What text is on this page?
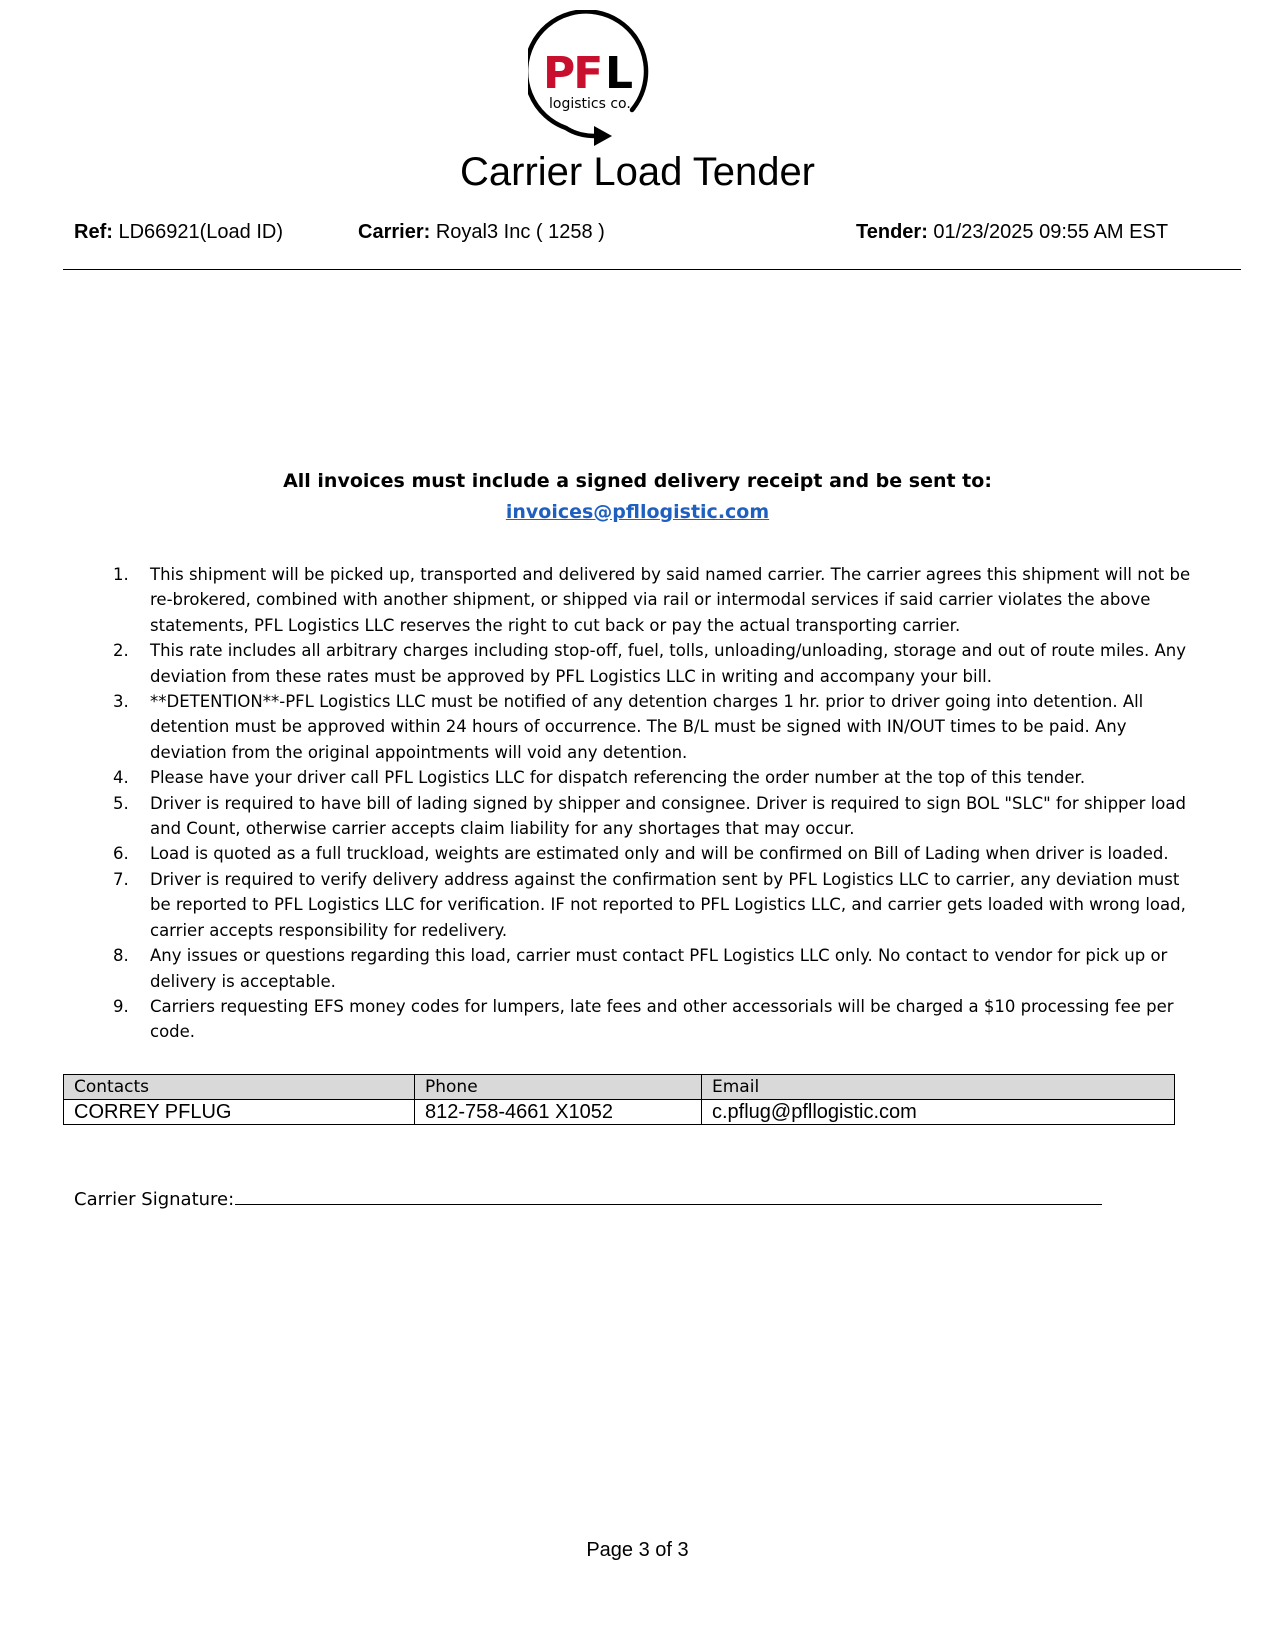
PF L
logistics co.
Carrier Load Tender
Ref: LD66921(Load ID)	Carrier: Royal3 Inc ( 1258 )	Tender: 01/23/2025 09:55 AM EST
All invoices must include a signed delivery receipt and be sent to:
invoices@pfllogistic.com
1. This shipment will be picked up, transported and delivered by said named carrier. The carrier agrees this shipment will not be re-brokered, combined with another shipment, or shipped via rail or intermodal services if said carrier violates the above statements, PFL Logistics LLC reserves the right to cut back or pay the actual transporting carrier.
2. This rate includes all arbitrary charges including stop-off, fuel, tolls, unloading/unloading, storage and out of route miles. Any deviation from these rates must be approved by PFL Logistics LLC in writing and accompany your bill.
3. **DETENTION**-PFL Logistics LLC must be notified of any detention charges 1 hr. prior to driver going into detention. All detention must be approved within 24 hours of occurrence. The B/L must be signed with IN/OUT times to be paid. Any deviation from the original appointments will void any detention.
4. Please have your driver call PFL Logistics LLC for dispatch referencing the order number at the top of this tender.
5. Driver is required to have bill of lading signed by shipper and consignee. Driver is required to sign BOL "SLC" for shipper load and Count, otherwise carrier accepts claim liability for any shortages that may occur.
6. Load is quoted as a full truckload, weights are estimated only and will be confirmed on Bill of Lading when driver is loaded.
7. Driver is required to verify delivery address against the confirmation sent by PFL Logistics LLC to carrier, any deviation must be reported to PFL Logistics LLC for verification. IF not reported to PFL Logistics LLC, and carrier gets loaded with wrong load, carrier accepts responsibility for redelivery.
8. Any issues or questions regarding this load, carrier must contact PFL Logistics LLC only. No contact to vendor for pick up or delivery is acceptable.
9. Carriers requesting EFS money codes for lumpers, late fees and other accessorials will be charged a $10 processing fee per code.
Contacts	Phone	Email
CORREY PFLUG	812-758-4661 X1052	c.pflug@pfllogistic.com
Carrier Signature:
Page 3 of 3
